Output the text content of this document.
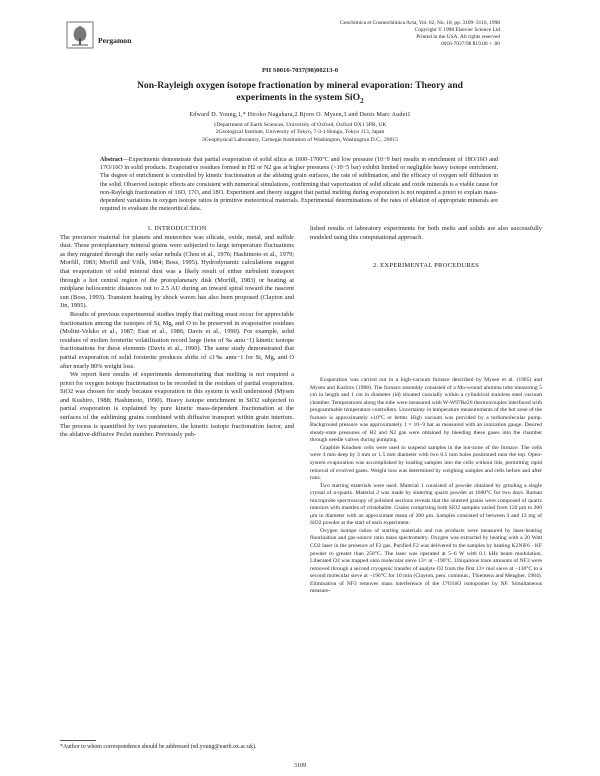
Pergamon
Geochimica et Cosmochimica Acta, Vol. 62, No. 18, pp. 3109–3116, 1998
Copyright © 1998 Elsevier Science Ltd
Printed in the USA. All rights reserved
0016-7037/98 $19.00 + .00
PII S0016-7037(98)00213-0
Non-Rayleigh oxygen isotope fractionation by mineral evaporation: Theory and
experiments in the system SiO$_2$
Edward D. Young,1,* Hiroko Nagahara,2 Bjorn O. Mysen,3 and Denis Marc Audet1
1Department of Earth Sciences, University of Oxford, Oxford OX1 3PR, UK
2Geological Institute, University of Tokyo, 7-3-1 Hongo, Tokyo 113, Japan
3Geophysical Laboratory, Carnegie Institution of Washington, Washington D.C., 20015
Abstract—Experiments demonstrate that partial evaporation of solid silica at 1600–1700°C and low pressure (10−9 bar) results in enrichment of 18O/16O and 17O/16O in solid products. Evaporative residues formed in H2 or N2 gas at higher pressures (>10−5 bar) exhibit limited or negligible heavy isotope enrichment. The degree of enrichment is controlled by kinetic fractionation at the ablating grain surfaces, the rate of sublimation, and the efficacy of oxygen self diffusion in the solid. Observed isotopic effects are consistent with numerical simulations, confirming that vaporization of solid silicate and oxide minerals is a viable cause for non-Rayleigh fractionation of 16O, 17O, and 18O. Experiment and theory suggest that partial melting during evaporation is not required a priori to explain mass-dependent variations in oxygen isotope ratios in primitive meteoritical materials. Experimental determinations of the rates of ablation of appropriate minerals are required to evaluate the meteoritical data.

1. INTRODUCTION

The precursor material for planets and meteorites was silicate, oxide, metal, and sulfide dust. These protoplanetary mineral grains were subjected to large temperature fluctuations as they migrated through the early solar nebula (Chou et al., 1976; Hashimoto et al., 1979; Morfill, 1983; Morfill and Völk, 1984; Boss, 1995). Hydrodynamic calculations suggest that evaporation of solid mineral dust was a likely result of either turbulent transport through a hot central region of the protoplanetary disk (Morfill, 1983) or heating at midplane heliocentric distances out to 2.5 AU during an inward spiral toward the nascent sun (Boss, 1993). Transient heating by shock waves has also been proposed (Clayton and Jin, 1995).

Results of previous experimental studies imply that melting must occur for appreciable fractionation among the isotopes of Si, Mg, and O to be preserved in evaporative residues (Molini-Velsko et al., 1987; Esat et al., 1986; Davis et al., 1990). For example, solid residues of molten forsterite volatilization record large (tens of ‰ amu−1) kinetic isotope fractionations for these elements (Davis et al., 1990). The same study demonstrated that partial evaporation of solid forsterite produces shifts of ≤1‰ amu−1 for Si, Mg, and O after nearly 80% weight loss.

We report here results of experiments demonstrating that melting is not required a priori for oxygen isotope fractionation to be recorded in the residues of partial evaporation. SiO2 was chosen for study because evaporation in this system is well understood (Mysen and Kushiro, 1988; Hashimoto, 1990). Heavy isotope enrichment in SiO2 subjected to partial evaporation is explained by pure kinetic mass-dependent fractionation at the surfaces of the subliming grains combined with diffusive transport within grain interiors. The process is quantified by two parameters, the kinetic isotope fractionation factor, and the ablative-diffusive Peclet number. Previously pub-

lished results of laboratory experiments for both melts and solids are also successfully modeled using this computational approach.

2. EXPERIMENTAL PROCEDURES

Evaporation was carried out in a high-vacuum furnace described by Mysen et al. (1985) and Mysen and Kushiro (1988). The furnace assembly consisted of a Mo-wound alumina tube measuring 5 cm in length and 1 cm in diameter (id) situated coaxially within a cylindrical stainless steel vacuum chamber. Temperatures along the tube were measured with W-W97Re26 thermocouples interfaced with programmable temperature controllers. Uncertainty in temperature measurements of the hot zone of the furnace is approximately ±10°C or better. High vacuum was provided by a turbomolecular pump. Background pressure was approximately 1 × 10−9 bar as measured with an ionization gauge. Desired steady-state pressures of H2 and N2 gas were obtained by bleeding these gases into the chamber through needle valves during pumping.

Graphite Knudsen cells were used to suspend samples in the hot-zone of the furnace. The cells were 4 mm deep by 3 mm or 1.5 mm diameter with two 0.5 mm holes positioned near the top. Open-system evaporation was accomplished by loading samples into the cells without lids, permitting rapid removal of evolved gases. Weight loss was determined by weighing samples and cells before and after runs.

Two starting materials were used. Material 1 consisted of powder obtained by grinding a single crystal of α-quartz. Material 2 was made by sintering quartz powder at 1600°C for two days. Raman microprobe spectroscopy of polished sections reveals that the sintered grains were composed of quartz interiors with mantles of cristobalite. Grains comprising both SiO2 samples varied from 120 μm to 300 μm in diameter with an approximate mean of 200 μm. Samples consisted of between 3 and 13 mg of SiO2 powder at the start of each experiment.

Oxygen isotope ratios of starting materials and run products were measured by laser-heating fluorination and gas-source ratio mass spectrometry. Oxygen was extracted by heating with a 20 Watt CO2 laser in the presence of F2 gas. Purified F2 was delivered to the samples by heating K2NiF6 · KF powder to greater than 250°C. The laser was operated at 5–6 W with 0.1 kHz beam modulation. Liberated O2 was trapped onto molecular sieve 13× at −196°C. Ubiquitous trace amounts of NF3 were removed through a second cryogenic transfer of analyte O2 from the first 13× mol sieve at −130°C to a second molecular sieve at −196°C for 10 min (Clayton, pers. commun.; Thiemens and Meagher, 1984). Elimination of NF3 removes mass interference of the 17O16O isotopomer by NF. Simultaneous measure-

*Author to whom correspondence should be addressed (ed.young@earth.ox.ac.uk).
3109
